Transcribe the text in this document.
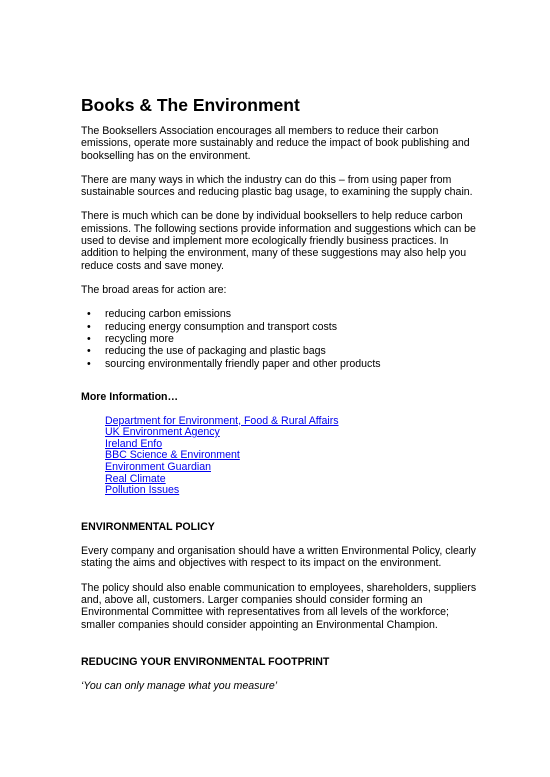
Books & The Environment

The Booksellers Association encourages all members to reduce their carbon emissions, operate more sustainably and reduce the impact of book publishing and bookselling has on the environment.

There are many ways in which the industry can do this – from using paper from sustainable sources and reducing plastic bag usage, to examining the supply chain.

There is much which can be done by individual booksellers to help reduce carbon emissions. The following sections provide information and suggestions which can be used to devise and implement more ecologically friendly business practices. In addition to helping the environment, many of these suggestions may also help you reduce costs and save money.

The broad areas for action are:

• reducing carbon emissions
• reducing energy consumption and transport costs
• recycling more
• reducing the use of packaging and plastic bags
• sourcing environmentally friendly paper and other products
More Information…
Department for Environment, Food & Rural Affairs
UK Environment Agency
Ireland Enfo
BBC Science & Environment
Environment Guardian
Real Climate
Pollution Issues
ENVIRONMENTAL POLICY

Every company and organisation should have a written Environmental Policy, clearly stating the aims and objectives with respect to its impact on the environment.

The policy should also enable communication to employees, shareholders, suppliers and, above all, customers. Larger companies should consider forming an Environmental Committee with representatives from all levels of the workforce; smaller companies should consider appointing an Environmental Champion.

REDUCING YOUR ENVIRONMENTAL FOOTPRINT

‘You can only manage what you measure’
